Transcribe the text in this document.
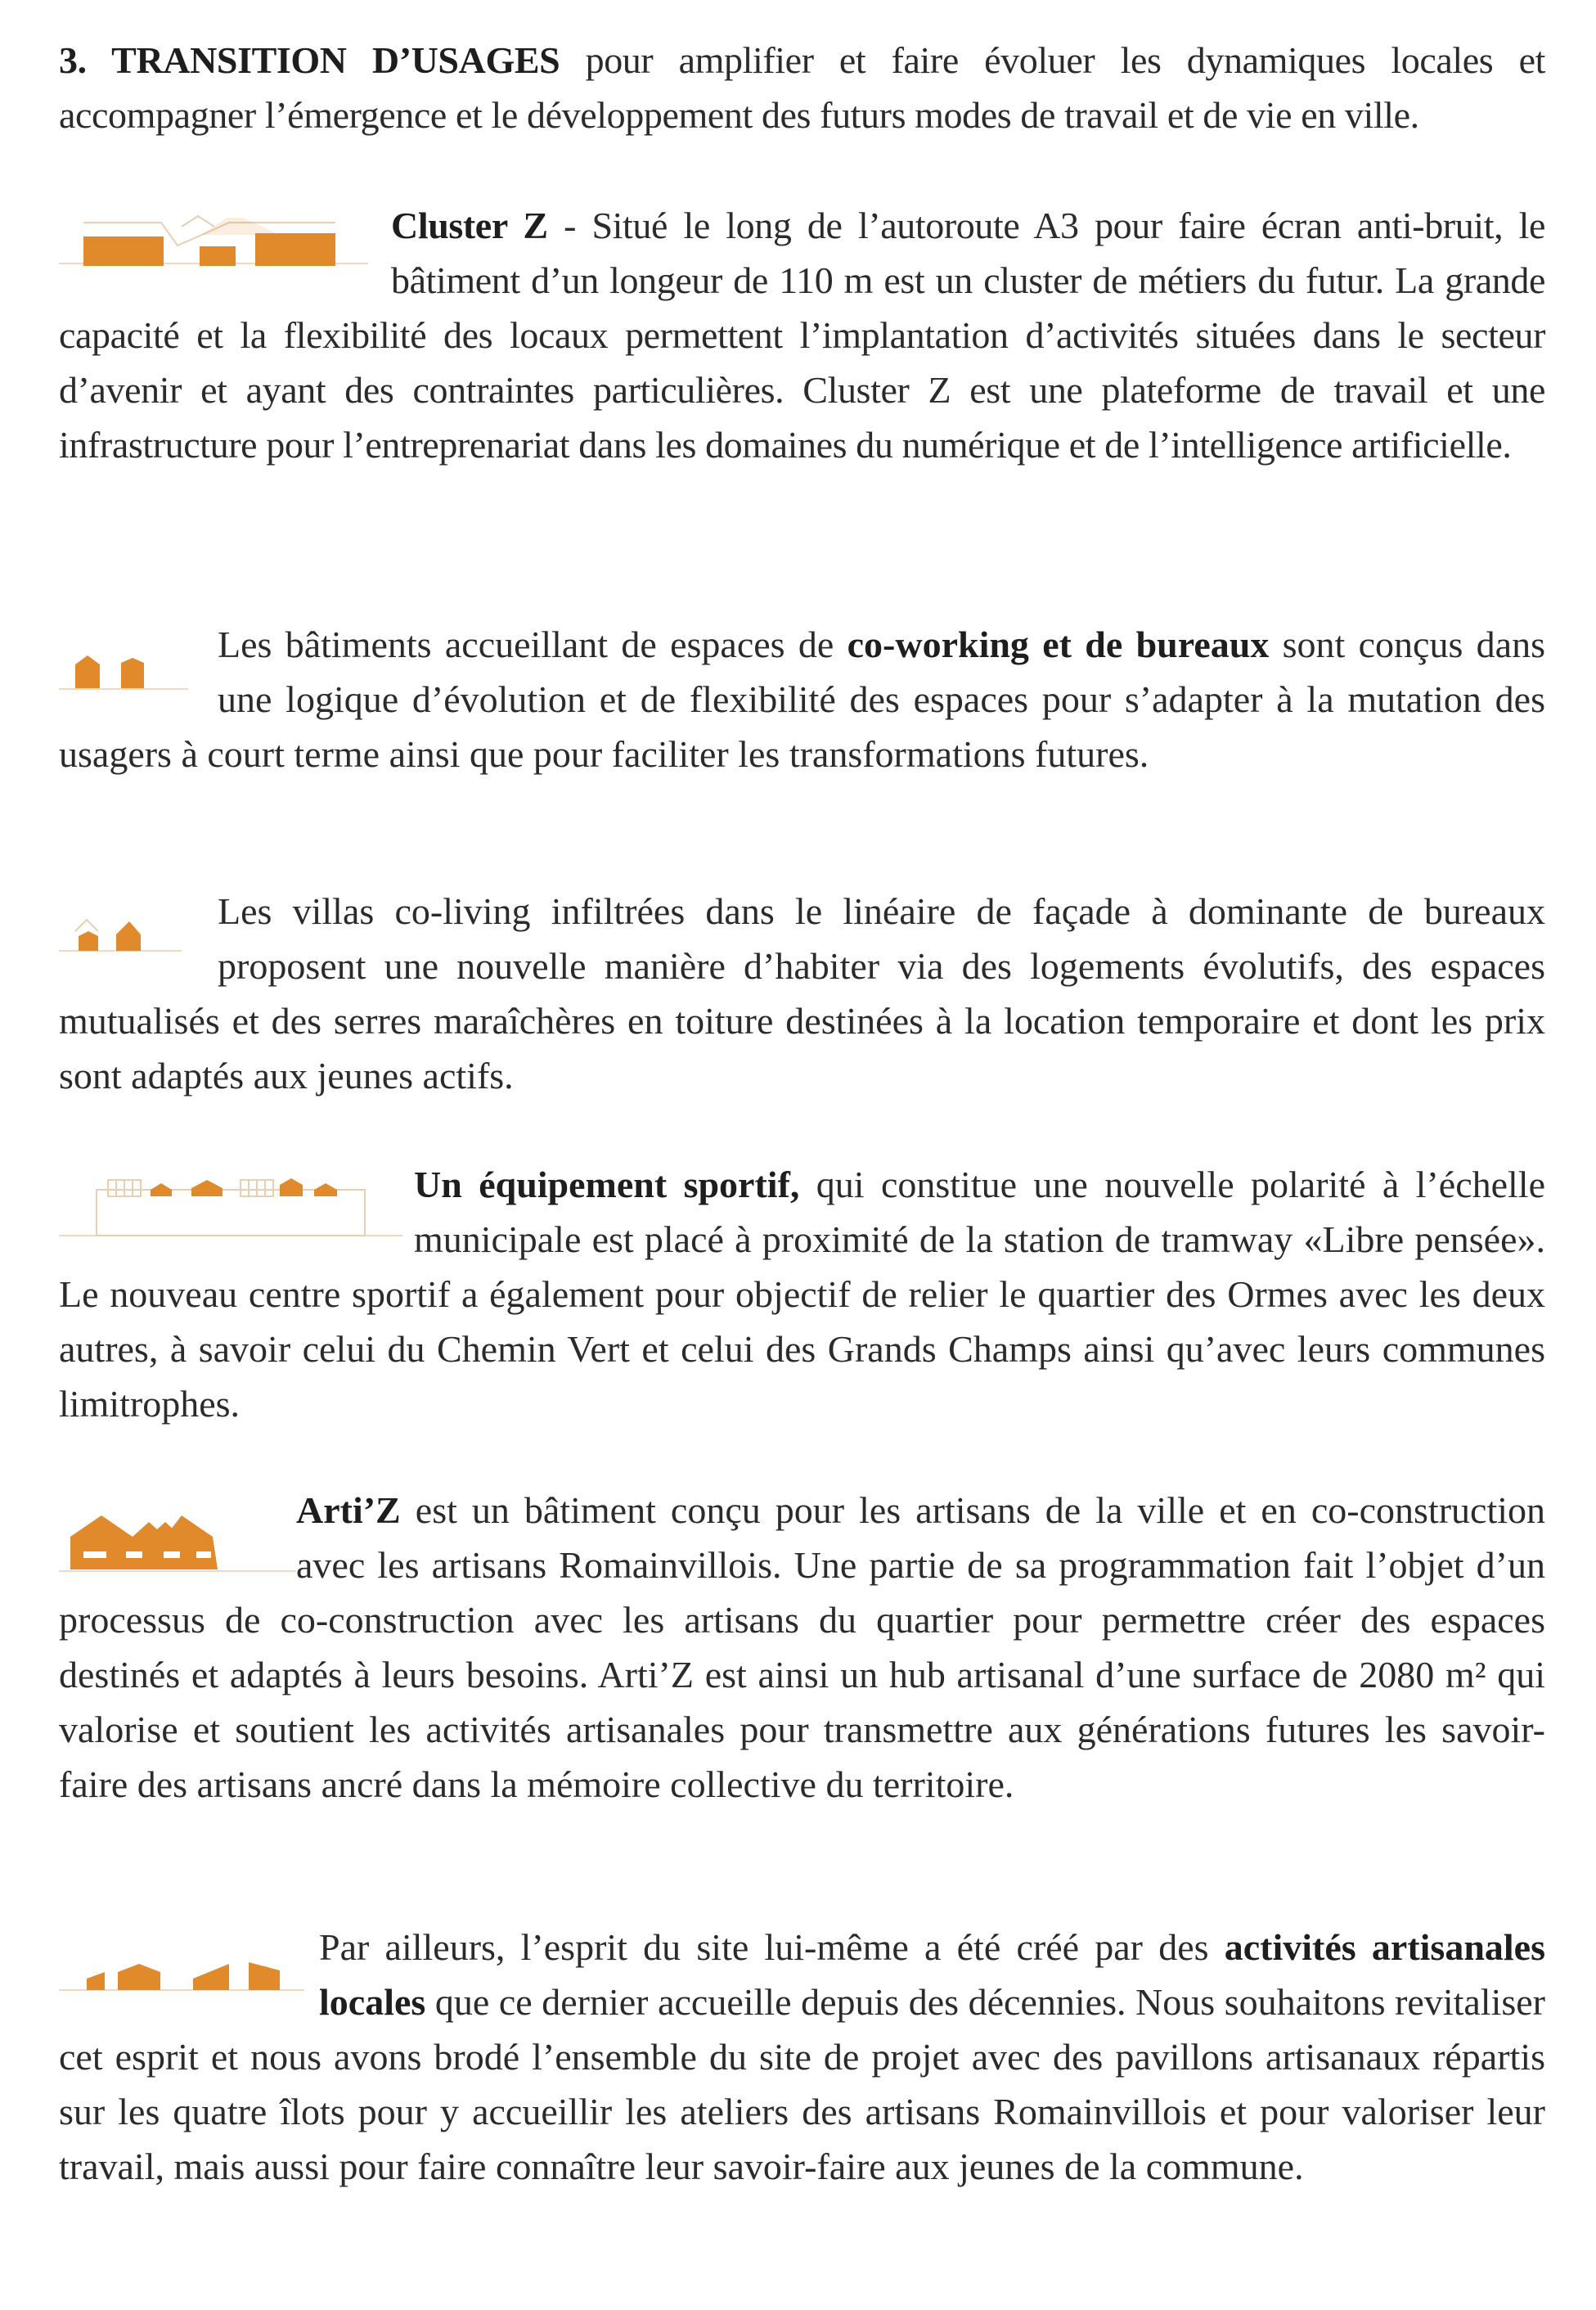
3. TRANSITION D’USAGES pour amplifier et faire évoluer les dynamiques locales et accompagner l’émergence et le développement des futurs modes de travail et de vie en ville.

Cluster Z - Situé le long de l’autoroute A3 pour faire écran anti-bruit, le bâtiment d’un longeur de 110 m est un cluster de métiers du futur. La grande capacité et la flexibilité des locaux permettent l’implantation d’activités situées dans le secteur d’avenir et ayant des contraintes particulières. Cluster Z est une plateforme de travail et une infrastructure pour l’entreprenariat dans les domaines du numérique et de l’intelligence artificielle.

Les bâtiments accueillant de espaces de co-working et de bureaux sont conçus dans une logique d’évolution et de flexibilité des espaces pour s’adapter à la mutation des usagers à court terme ainsi que pour faciliter les transformations futures.

Les villas co-living infiltrées dans le linéaire de façade à dominante de bureaux proposent une nouvelle manière d’habiter via des logements évolutifs, des espaces mutualisés et des serres maraîchères en toiture destinées à la location temporaire et dont les prix sont adaptés aux jeunes actifs.

Un équipement sportif, qui constitue une nouvelle polarité à l’échelle municipale est placé à proximité de la station de tramway «Libre pensée». Le nouveau centre sportif a également pour objectif de relier le quartier des Ormes avec les deux autres, à savoir celui du Chemin Vert et celui des Grands Champs ainsi qu’avec leurs communes limitrophes.

Arti’Z est un bâtiment conçu pour les artisans de la ville et en co-construction avec les artisans Romainvillois. Une partie de sa programmation fait l’objet d’un processus de co-construction avec les artisans du quartier pour permettre créer des espaces destinés et adaptés à leurs besoins. Arti’Z est ainsi un hub artisanal d’une surface de 2080 m² qui valorise et soutient les activités artisanales pour transmettre aux générations futures les savoir-faire des artisans ancré dans la mémoire collective du territoire.

Par ailleurs, l’esprit du site lui-même a été créé par des activités artisanales locales que ce dernier accueille depuis des décennies. Nous souhaitons revitaliser cet esprit et nous avons brodé l’ensemble du site de projet avec des pavillons artisanaux répartis sur les quatre îlots pour y accueillir les ateliers des artisans Romainvillois et pour valoriser leur travail, mais aussi pour faire connaître leur savoir-faire aux jeunes de la commune.
